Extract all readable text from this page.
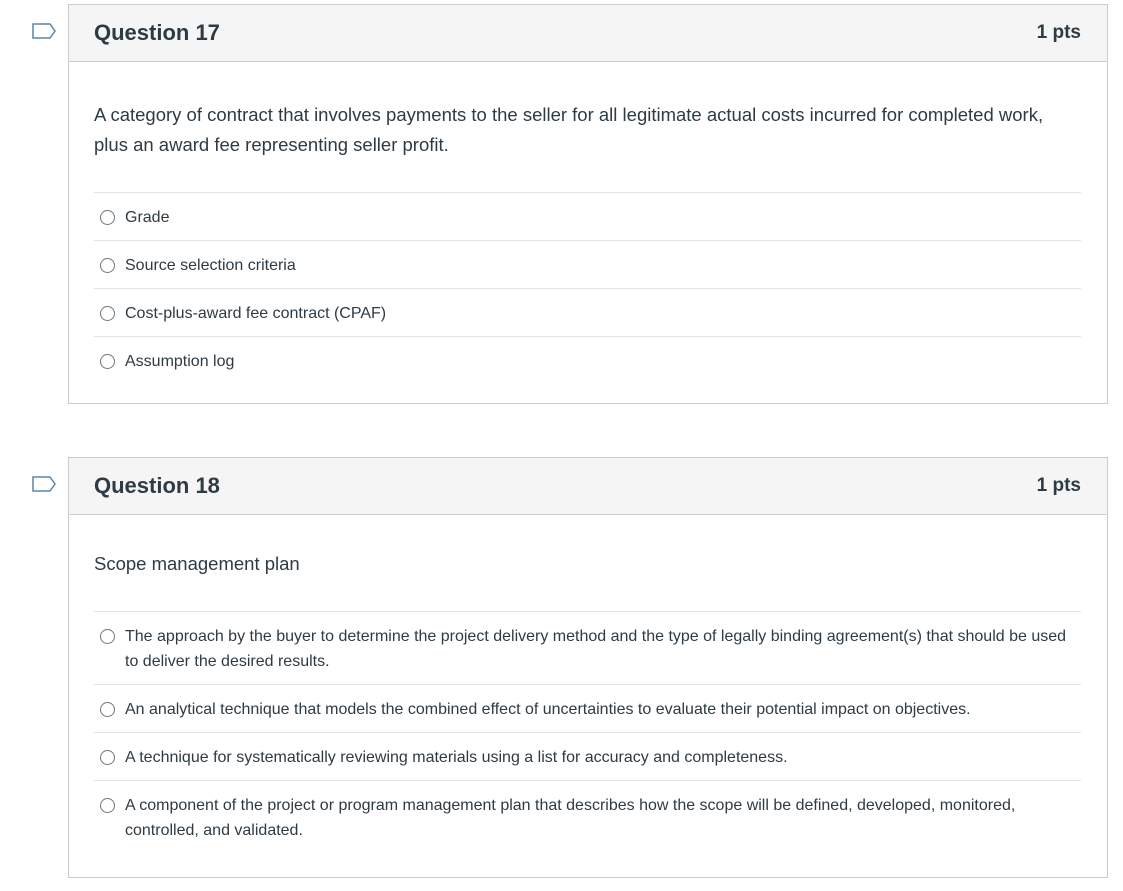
Question 17	1 pts
A category of contract that involves payments to the seller for all legitimate actual costs incurred for completed work, plus an award fee representing seller profit.
Grade
Source selection criteria
Cost-plus-award fee contract (CPAF)
Assumption log
Question 18	1 pts
Scope management plan
The approach by the buyer to determine the project delivery method and the type of legally binding agreement(s) that should be used to deliver the desired results.
An analytical technique that models the combined effect of uncertainties to evaluate their potential impact on objectives.
A technique for systematically reviewing materials using a list for accuracy and completeness.
A component of the project or program management plan that describes how the scope will be defined, developed, monitored, controlled, and validated.
